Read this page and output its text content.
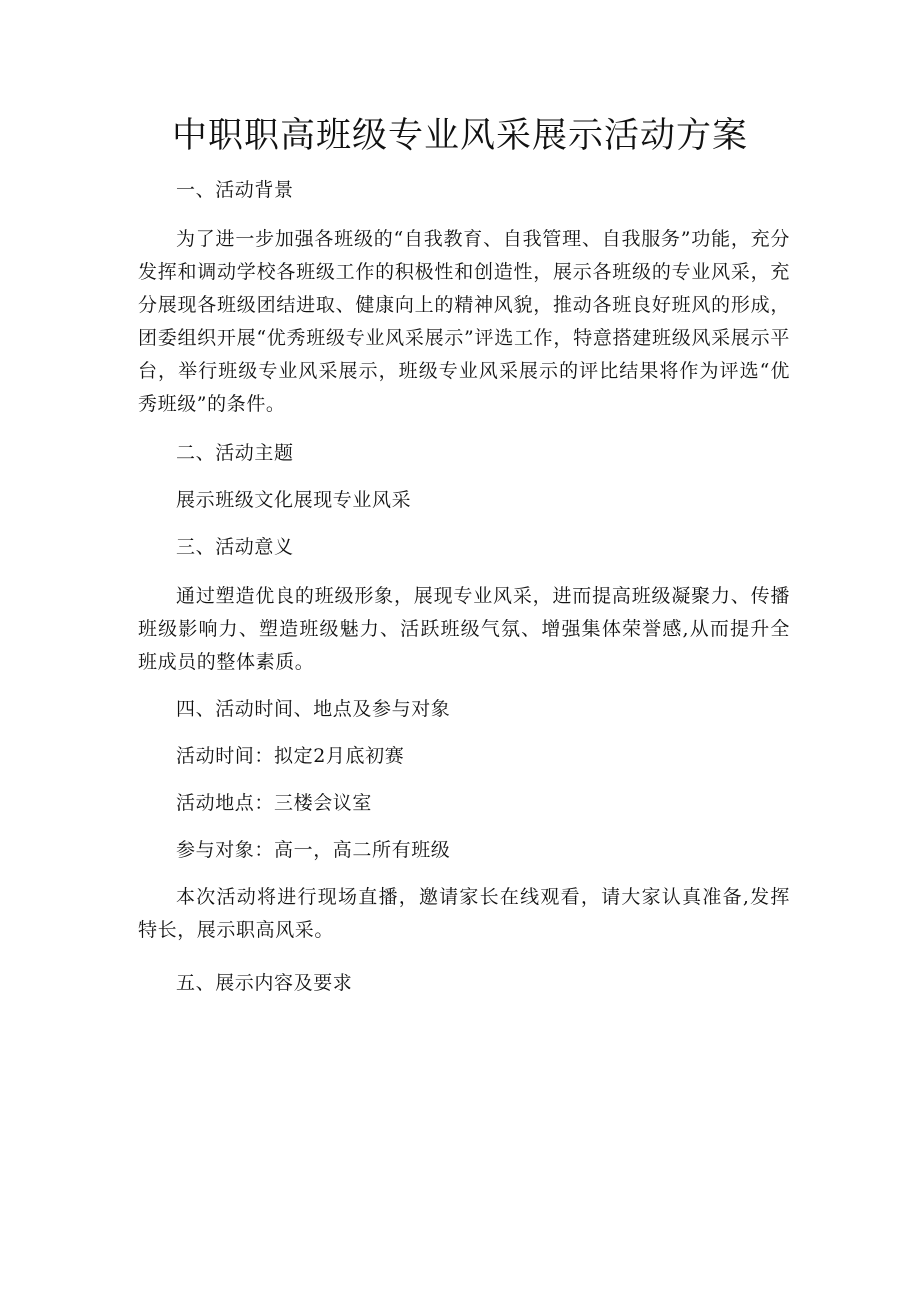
中职职高班级专业风采展示活动方案

一、活动背景

为了进一步加强各班级的“自我教育、自我管理、自我服务”功能，充分发挥和调动学校各班级工作的积极性和创造性，展示各班级的专业风采，充分展现各班级团结进取、健康向上的精神风貌，推动各班良好班风的形成，团委组织开展“优秀班级专业风采展示”评选工作，特意搭建班级风采展示平台，举行班级专业风采展示，班级专业风采展示的评比结果将作为评选“优秀班级”的条件。

二、活动主题

展示班级文化展现专业风采

三、活动意义

通过塑造优良的班级形象，展现专业风采，进而提高班级凝聚力、传播班级影响力、塑造班级魅力、活跃班级气氛、增强集体荣誉感,从而提升全班成员的整体素质。

四、活动时间、地点及参与对象

活动时间：拟定2月底初赛

活动地点：三楼会议室

参与对象：高一，高二所有班级

本次活动将进行现场直播，邀请家长在线观看，请大家认真准备,发挥特长，展示职高风采。

五、展示内容及要求
